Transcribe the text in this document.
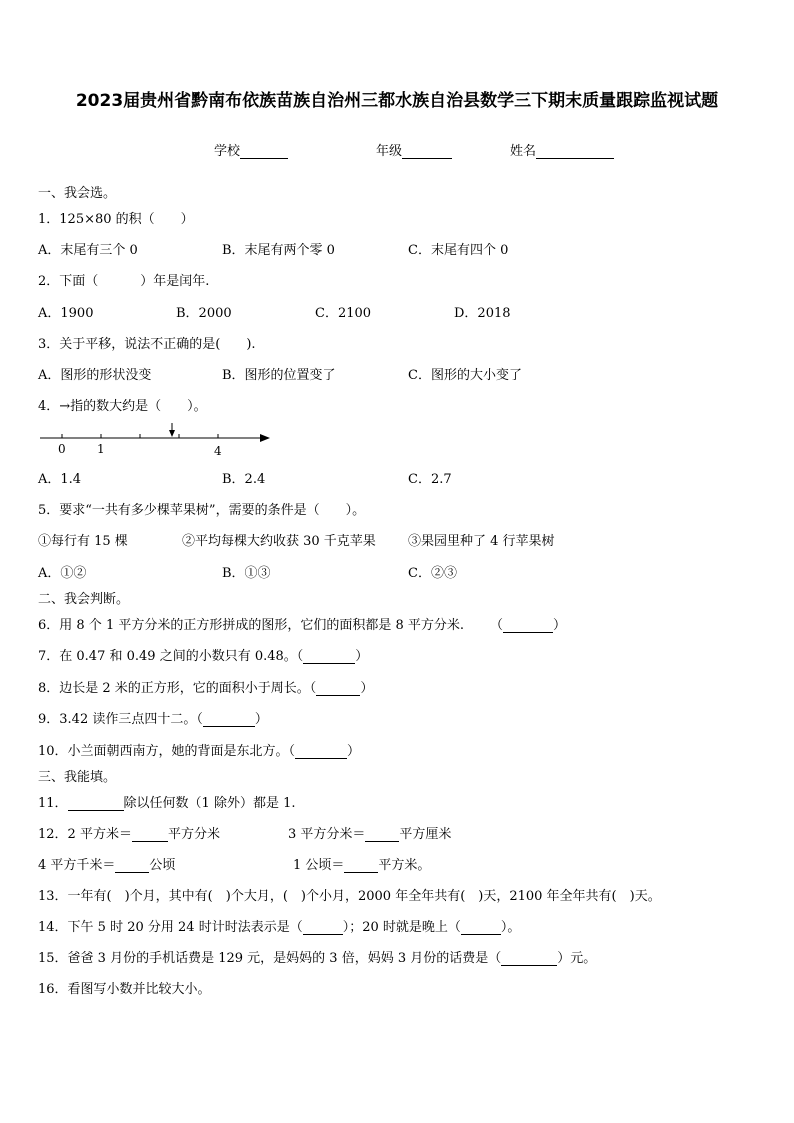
2023届贵州省黔南布依族苗族自治州三都水族自治县数学三下期末质量跟踪监视试题
学校	年级	姓名
一、我会选。
1．125×80 的积（　　）
A．末尾有三个 0	B．末尾有两个零 0	C．末尾有四个 0
2．下面（	）年是闰年.
A．1900	B．2000	C．2100	D．2018
3．关于平移，说法不正确的是(　　).
A．图形的形状没变	B．图形的位置变了	C．图形的大小变了
4．→指的数大约是（　　）。
0	1	4
A．1.4	B．2.4	C．2.7
5．要求“一共有多少棵苹果树”，需要的条件是（　　）。
①每行有 15 棵	②平均每棵大约收获 30 千克苹果 ③果园里种了 4 行苹果树
A．①②	B．①③	C．②③
二、我会判断。
6．用 8 个 1 平方分米的正方形拼成的图形，它们的面积都是 8 平方分米. （	）
7．在 0.47 和 0.49 之间的小数只有 0.48。（	）
8．边长是 2 米的正方形，它的面积小于周长。（	）
9．3.42 读作三点四十二。（	）
10．小兰面朝西南方，她的背面是东北方。（	）
三、我能填。
11．	除以任何数（1 除外）都是 1.
12．2 平方米＝	平方分米	3 平方分米＝	平方厘米
4 平方千米＝	公顷	1 公顷＝	平方米。
13．一年有(　)个月，其中有(　)个大月，(　)个小月，2000 年全年共有(　)天，2100 年全年共有(　)天。
14．下午 5 时 20 分用 24 时计时法表示是（	）；20 时就是晚上（	）。
15．爸爸 3 月份的手机话费是 129 元，是妈妈的 3 倍，妈妈 3 月份的话费是（	）元。
16．看图写小数并比较大小。
